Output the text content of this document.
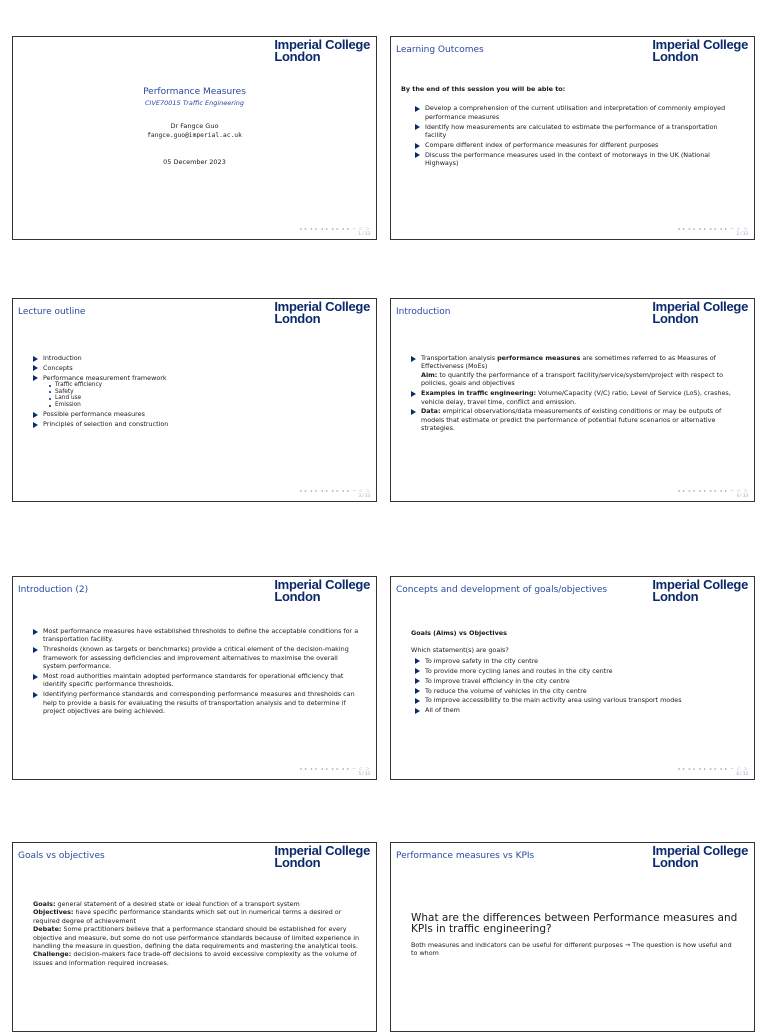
Imperial College
London
Performance Measures
CIVE70015 Traffic Engineering
Dr Fangce Guo
fangce.guo@imperial.ac.uk
05 December 2023
◂ ▸ ◂ ▸ ◂ ▸ ◂ ▸ ◂ ▸ ∽ ⊂ ⊃
1 / 33
Learning Outcomes	Imperial College
London
By the end of this session you will be able to:
Develop a comprehension of the current utilisation and interpretation of commonly employed performance measures
Identify how measurements are calculated to estimate the performance of a transportation facility
Compare different index of performance measures for different purposes
Discuss the performance measures used in the context of motorways in the UK (National Highways)
◂ ▸ ◂ ▸ ◂ ▸ ◂ ▸ ◂ ▸ ∽ ⊂ ⊃
2 / 33
Lecture outline	Imperial College
London
Introduction
Concepts
Performance measurement framework
Traffic efficiency
Safety
Land use
Emission
Possible performance measures
Principles of selection and construction
◂ ▸ ◂ ▸ ◂ ▸ ◂ ▸ ◂ ▸ ∽ ⊂ ⊃
3 / 33
Introduction	Imperial College
London
Transportation analysis performance measures are sometimes referred to as Measures of Effectiveness (MoEs)
Aim: to quantify the performance of a transport facility/service/system/project with respect to policies, goals and objectives
Examples in traffic engineering: Volume/Capacity (V/C) ratio, Level of Service (LoS), crashes, vehicle delay, travel time, conflict and emission.
Data: empirical observations/data measurements of existing conditions or may be outputs of models that estimate or predict the performance of potential future scenarios or alternative strategies.
◂ ▸ ◂ ▸ ◂ ▸ ◂ ▸ ◂ ▸ ∽ ⊂ ⊃
4 / 33
Introduction (2)	Imperial College
London
Most performance measures have established thresholds to define the acceptable conditions for a transportation facility.
Thresholds (known as targets or benchmarks) provide a critical element of the decision-making framework for assessing deficiencies and improvement alternatives to maximise the overall system performance.
Most road authorities maintain adopted performance standards for operational efficiency that identify specific performance thresholds.
Identifying performance standards and corresponding performance measures and thresholds can help to provide a basis for evaluating the results of transportation analysis and to determine if project objectives are being achieved.
◂ ▸ ◂ ▸ ◂ ▸ ◂ ▸ ◂ ▸ ∽ ⊂ ⊃
5 / 33
Concepts and development of goals/objectives	Imperial College
London
Goals (Aims) vs Objectives
Which statement(s) are goals?
To improve safety in the city centre
To provide more cycling lanes and routes in the city centre
To improve travel efficiency in the city centre
To reduce the volume of vehicles in the city centre
To improve accessibility to the main activity area using various transport modes
All of them
◂ ▸ ◂ ▸ ◂ ▸ ◂ ▸ ◂ ▸ ∽ ⊂ ⊃
6 / 33
Goals vs objectives	Imperial College
London
Goals: general statement of a desired state or ideal function of a transport system
Objectives: have specific performance standards which set out in numerical terms a desired or required degree of achievement
Debate: Some practitioners believe that a performance standard should be established for every objective and measure, but some do not use performance standards because of limited experience in handling the measure in question, defining the data requirements and mastering the analytical tools.
Challenge: decision-makers face trade-off decisions to avoid excessive complexity as the volume of issues and information required increases.
Performance measures vs KPIs	Imperial College
London
What are the differences between Performance measures and KPIs in traffic engineering?
Both measures and indicators can be useful for different purposes → The question is how useful and to whom
